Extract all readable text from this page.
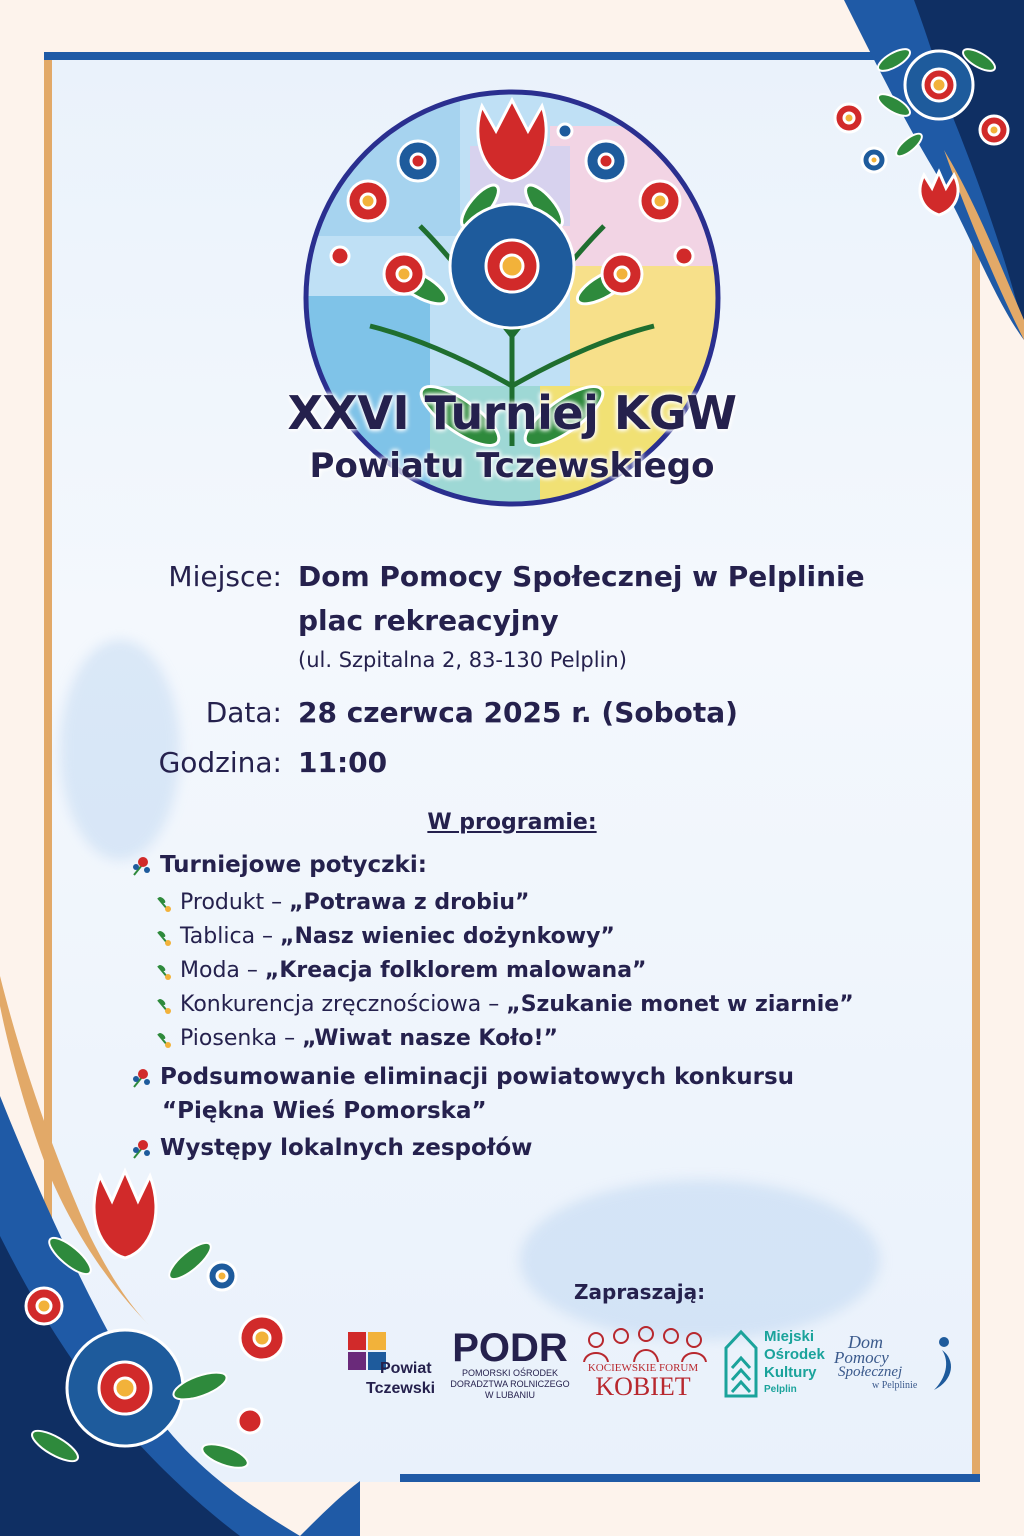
XXVI Turniej KGW
Powiatu Tczewskiego
Miejsce: Dom Pomocy Społecznej w Pelplinie
plac rekreacyjny
(ul. Szpitalna 2, 83-130 Pelplin)
Data: 28 czerwca 2025 r. (Sobota)
Godzina: 11:00
W programie:
Turniejowe potyczki:
Produkt – „Potrawa z drobiu”
Tablica – „Nasz wieniec dożynkowy”
Moda – „Kreacja folklorem malowana”
Konkurencja zręcznościowa – „Szukanie monet w ziarnie”
Piosenka – „Wiwat nasze Koło!”
Podsumowanie eliminacji powiatowych konkursu
“Piękna Wieś Pomorska”
Występy lokalnych zespołów
Zapraszają:
Powiat
Tczewski
PODR
POMORSKI OŚRODEK
DORADZTWA ROLNICZEGO
W LUBANIU
KOCIEWSKIE FORUM
KOBIET
Miejski
Ośrodek
Kultury
Pelplin
Dom
Pomocy
Społecznej
w Pelplinie
